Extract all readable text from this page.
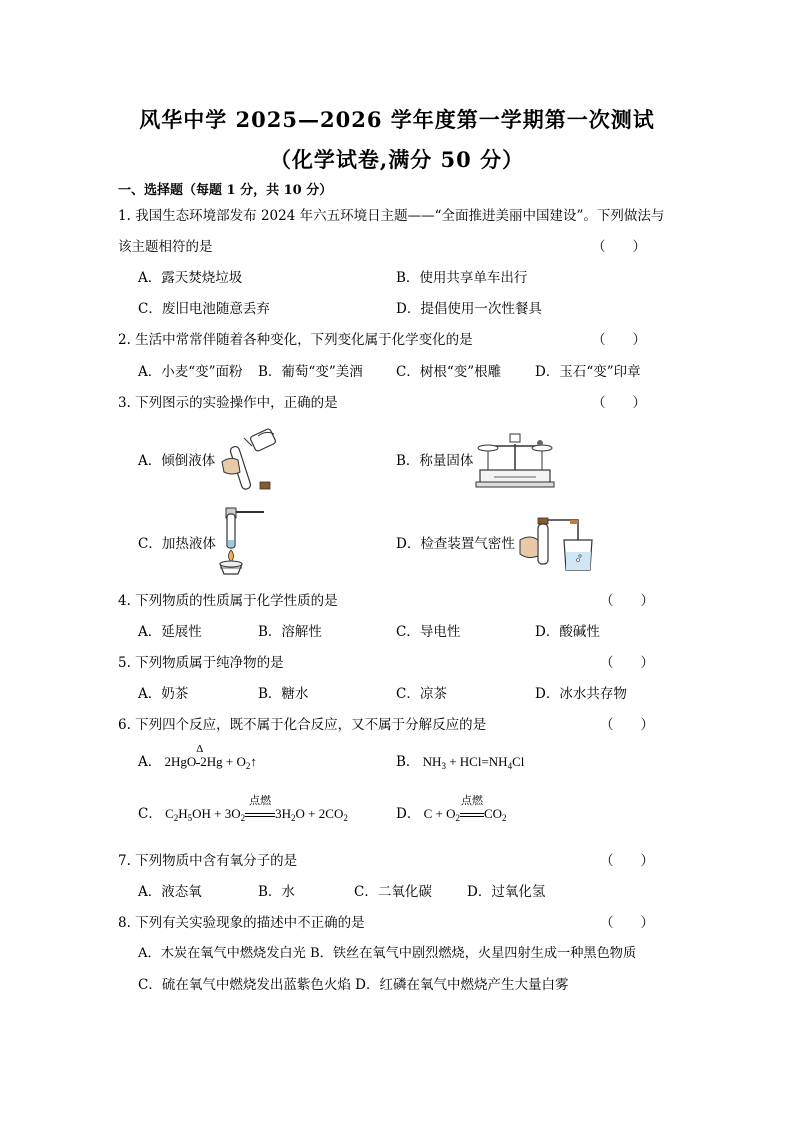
风华中学 2025—2026 学年度第一学期第一次测试
（化学试卷,满分 50 分）
一、选择题（每题 1 分，共 10 分）
1. 我国生态环境部发布 2024 年六五环境日主题——“全面推进美丽中国建设”。下列做法与
该主题相符的是	（　　）
A．露天焚烧垃圾	B．使用共享单车出行
C．废旧电池随意丢弃	D．提倡使用一次性餐具
2. 生活中常常伴随着各种变化，下列变化属于化学变化的是	（　　）
A．小麦“变”面粉 B．葡萄“变”美酒 C．树根“变”根雕	D．玉石“变”印章
3. 下列图示的实验操作中，正确的是	（　　）
A．倾倒液体	B．称量固体
C．加热液体	D．检查装置气密性
4. 下列物质的性质属于化学性质的是	（　　）
A．延展性	B．溶解性	C．导电性	D．酸碱性
5. 下列物质属于纯净物的是	（　　）
A．奶茶	B．糖水	C．凉茶	D．冰水共存物
6. 下列四个反应，既不属于化合反应，又不属于分解反应的是	（　　）
A． 2HgO
Δ
$2Hg + O_2↑$	B． $NH_3 + HCl=NH_4Cl$
C． $C_2H_5OH + 3O_2$
点燃
$3H_2O + 2CO_2$	D． $C + O_2$
点燃
$CO_2$
7. 下列物质中含有氧分子的是	（　　）
A．液态氧	B．水	C．二氧化碳	D．过氧化氢
8. 下列有关实验现象的描述中不正确的是	（　　）
A．木炭在氧气中燃烧发白光 B．铁丝在氧气中剧烈燃烧，火星四射生成一种黑色物质
C．硫在氧气中燃烧发出蓝紫色火焰 D．红磷在氧气中燃烧产生大量白雾
